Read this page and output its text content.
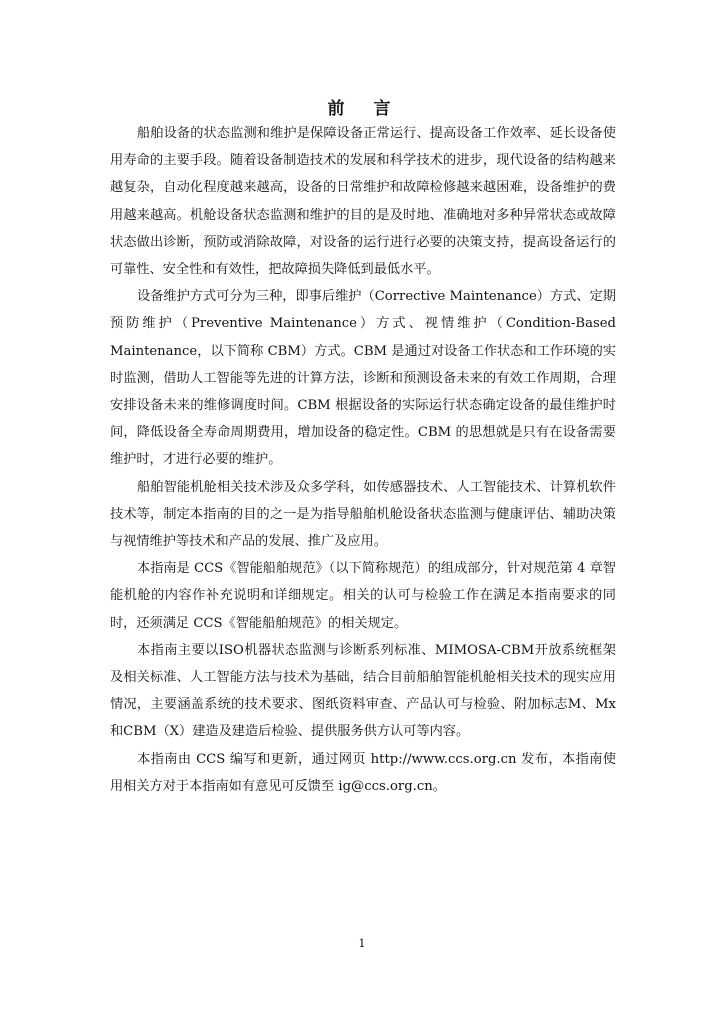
前　言

船舶设备的状态监测和维护是保障设备正常运行、提高设备工作效率、延长设备使用寿命的主要手段。随着设备制造技术的发展和科学技术的进步，现代设备的结构越来越复杂，自动化程度越来越高，设备的日常维护和故障检修越来越困难，设备维护的费用越来越高。机舱设备状态监测和维护的目的是及时地、准确地对多种异常状态或故障状态做出诊断，预防或消除故障，对设备的运行进行必要的决策支持，提高设备运行的可靠性、安全性和有效性，把故障损失降低到最低水平。

设备维护方式可分为三种，即事后维护（Corrective Maintenance）方式、定期预防维护（Preventive Maintenance）方式、视情维护（Condition-Based Maintenance，以下简称 CBM）方式。CBM 是通过对设备工作状态和工作环境的实时监测，借助人工智能等先进的计算方法，诊断和预测设备未来的有效工作周期，合理安排设备未来的维修调度时间。CBM 根据设备的实际运行状态确定设备的最佳维护时间，降低设备全寿命周期费用，增加设备的稳定性。CBM 的思想就是只有在设备需要维护时，才进行必要的维护。

船舶智能机舱相关技术涉及众多学科，如传感器技术、人工智能技术、计算机软件技术等，制定本指南的目的之一是为指导船舶机舱设备状态监测与健康评估、辅助决策与视情维护等技术和产品的发展、推广及应用。

本指南是 CCS《智能船舶规范》（以下简称规范）的组成部分，针对规范第 4 章智能机舱的内容作补充说明和详细规定。相关的认可与检验工作在满足本指南要求的同时，还须满足 CCS《智能船舶规范》的相关规定。

本指南主要以ISO机器状态监测与诊断系列标准、MIMOSA-CBM开放系统框架及相关标准、人工智能方法与技术为基础，结合目前船舶智能机舱相关技术的现实应用情况，主要涵盖系统的技术要求、图纸资料审查、产品认可与检验、附加标志M、Mx和CBM（X）建造及建造后检验、提供服务供方认可等内容。

本指南由 CCS 编写和更新，通过网页 http://www.ccs.org.cn 发布，本指南使用相关方对于本指南如有意见可反馈至 ig@ccs.org.cn。

1
